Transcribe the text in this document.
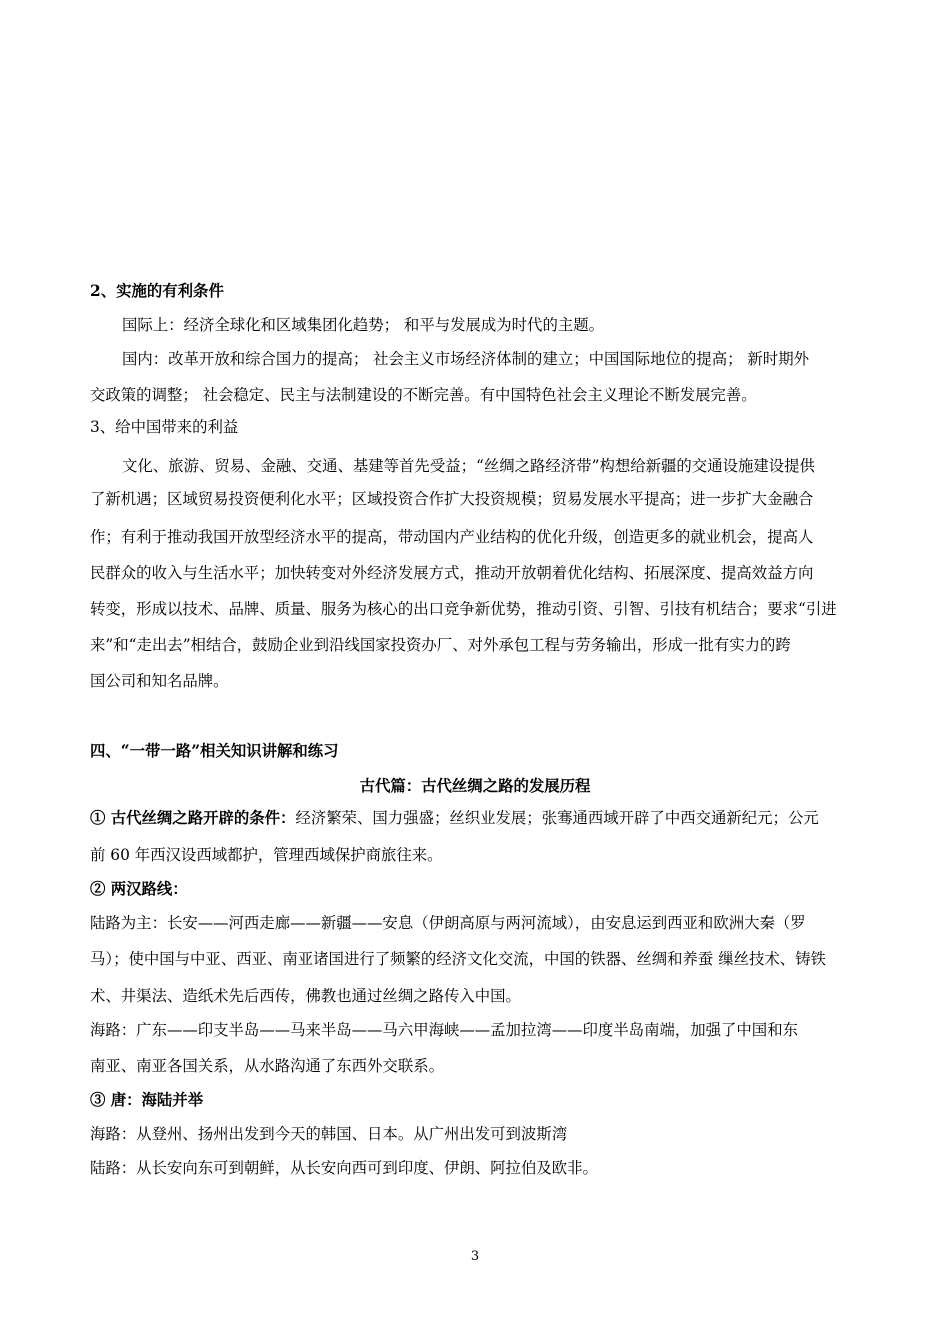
2、实施的有利条件
国际上：经济全球化和区域集团化趋势； 和平与发展成为时代的主题。
国内：改革开放和综合国力的提高； 社会主义市场经济体制的建立；中国国际地位的提高； 新时期外
交政策的调整； 社会稳定、民主与法制建设的不断完善。有中国特色社会主义理论不断发展完善。
3、给中国带来的利益
文化、旅游、贸易、金融、交通、基建等首先受益；“丝绸之路经济带”构想给新疆的交通设施建设提供
了新机遇；区域贸易投资便利化水平；区域投资合作扩大投资规模；贸易发展水平提高；进一步扩大金融合
作；有利于推动我国开放型经济水平的提高，带动国内产业结构的优化升级，创造更多的就业机会，提高人
民群众的收入与生活水平；加快转变对外经济发展方式，推动开放朝着优化结构、拓展深度、提高效益方向
转变，形成以技术、品牌、质量、服务为核心的出口竞争新优势，推动引资、引智、引技有机结合；要求“引进
来”和“走出去”相结合，鼓励企业到沿线国家投资办厂、对外承包工程与劳务输出，形成一批有实力的跨
国公司和知名品牌。
四、“一带一路”相关知识讲解和练习
古代篇：古代丝绸之路的发展历程
① 古代丝绸之路开辟的条件：经济繁荣、国力强盛；丝织业发展；张骞通西域开辟了中西交通新纪元；公元
前 60 年西汉设西域都护，管理西域保护商旅往来。
② 两汉路线：
陆路为主：长安——河西走廊——新疆——安息（伊朗高原与两河流域），由安息运到西亚和欧洲大秦（罗
马）；使中国与中亚、西亚、南亚诸国进行了频繁的经济文化交流，中国的铁器、丝绸和养蚕 缫丝技术、铸铁
术、井渠法、造纸术先后西传，佛教也通过丝绸之路传入中国。
海路：广东——印支半岛——马来半岛——马六甲海峡——孟加拉湾——印度半岛南端，加强了中国和东
南亚、南亚各国关系，从水路沟通了东西外交联系。
③ 唐：海陆并举
海路：从登州、扬州出发到今天的韩国、日本。从广州出发可到波斯湾
陆路：从长安向东可到朝鲜，从长安向西可到印度、伊朗、阿拉伯及欧非。
3
